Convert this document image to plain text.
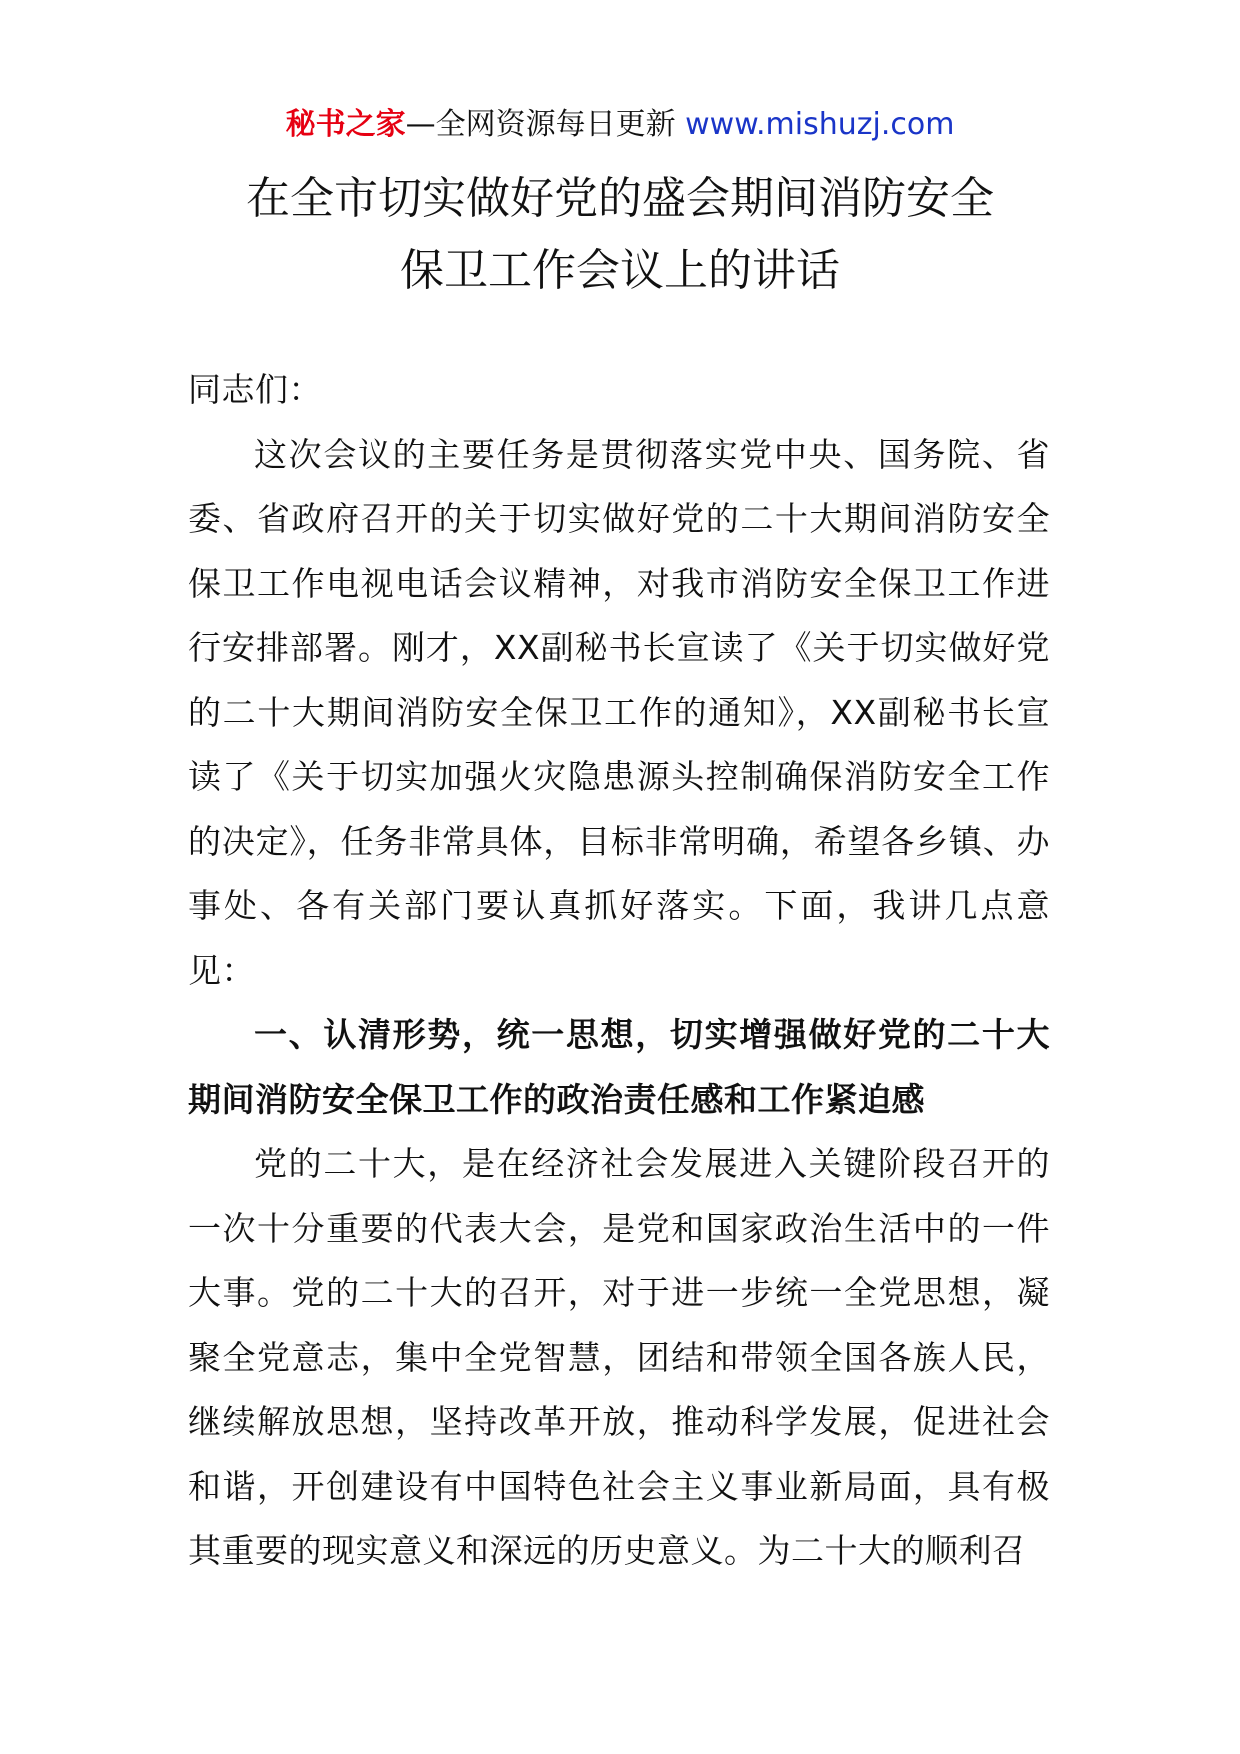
秘书之家—全网资源每日更新 www.mishuzj.com
在全市切实做好党的盛会期间消防安全
保卫工作会议上的讲话

同志们：

这次会议的主要任务是贯彻落实党中央、国务院、省委、省政府召开的关于切实做好党的二十大期间消防安全保卫工作电视电话会议精神，对我市消防安全保卫工作进行安排部署。刚才，XX副秘书长宣读了《关于切实做好党的二十大期间消防安全保卫工作的通知》，XX副秘书长宣读了《关于切实加强火灾隐患源头控制确保消防安全工作的决定》，任务非常具体，目标非常明确，希望各乡镇、办事处、各有关部门要认真抓好落实。下面，我讲几点意见：

一、认清形势，统一思想，切实增强做好党的二十大期间消防安全保卫工作的政治责任感和工作紧迫感

党的二十大，是在经济社会发展进入关键阶段召开的一次十分重要的代表大会，是党和国家政治生活中的一件大事。党的二十大的召开，对于进一步统一全党思想，凝聚全党意志，集中全党智慧，团结和带领全国各族人民，继续解放思想，坚持改革开放，推动科学发展，促进社会和谐，开创建设有中国特色社会主义事业新局面，具有极其重要的现实意义和深远的历史意义。为二十大的顺利召
